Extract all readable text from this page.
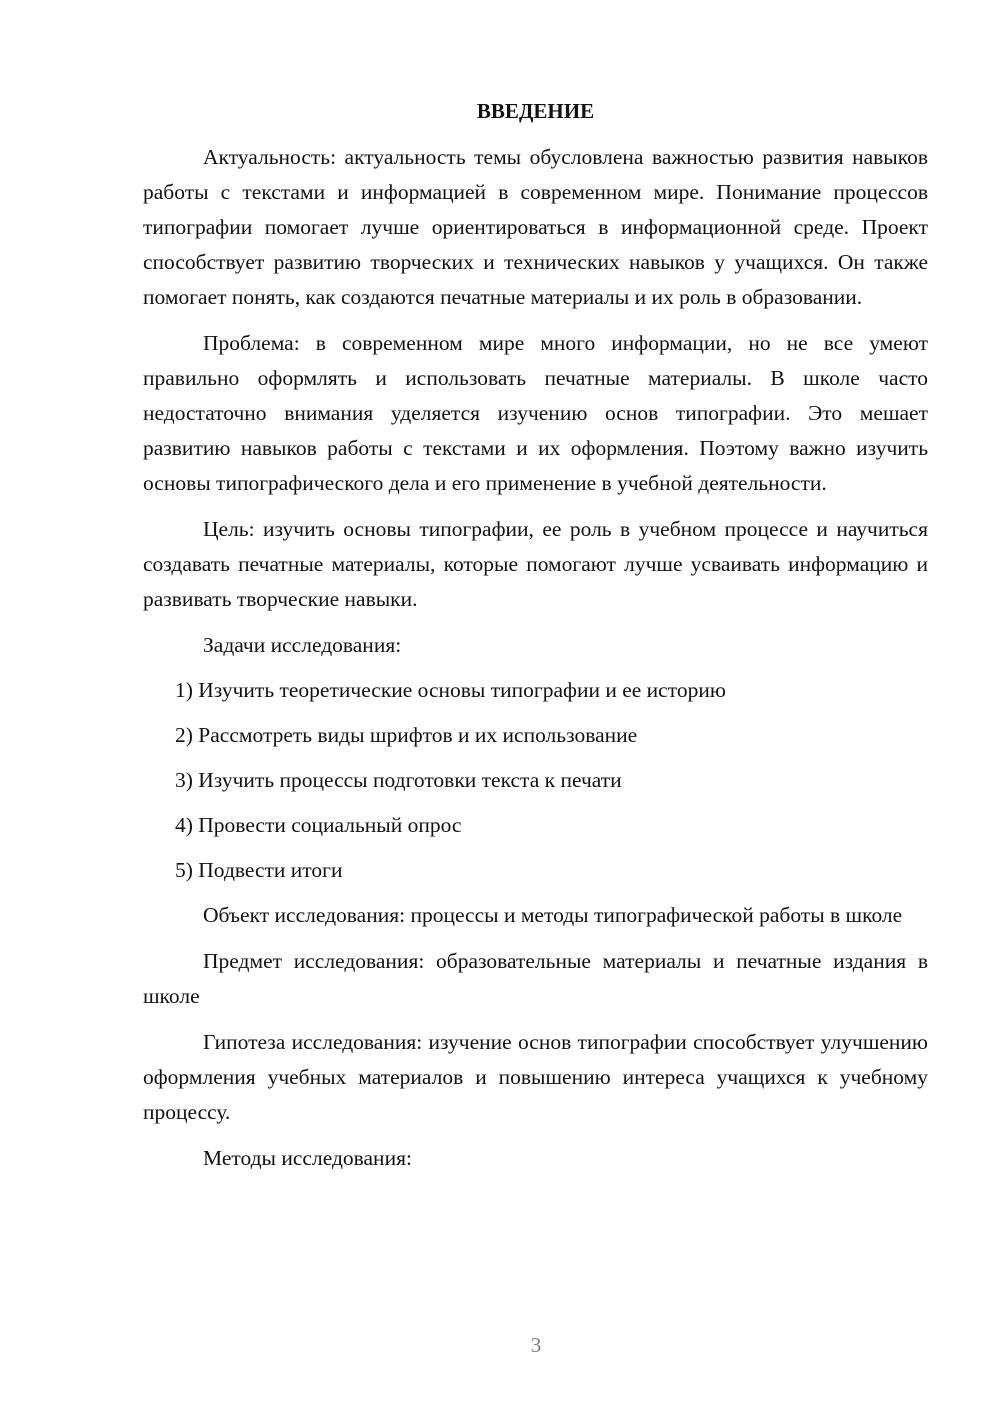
ВВЕДЕНИЕ

Актуальность: актуальность темы обусловлена важностью развития навыков работы с текстами и информацией в современном мире. Понимание процессов типографии помогает лучше ориентироваться в информационной среде. Проект способствует развитию творческих и технических навыков у учащихся. Он также помогает понять, как создаются печатные материалы и их роль в образовании.

Проблема: в современном мире много информации, но не все умеют правильно оформлять и использовать печатные материалы. В школе часто недостаточно внимания уделяется изучению основ типографии. Это мешает развитию навыков работы с текстами и их оформления. Поэтому важно изучить основы типографического дела и его применение в учебной деятельности.

Цель: изучить основы типографии, ее роль в учебном процессе и научиться создавать печатные материалы, которые помогают лучше усваивать информацию и развивать творческие навыки.

Задачи исследования:

1) Изучить теоретические основы типографии и ее историю
2) Рассмотреть виды шрифтов и их использование
3) Изучить процессы подготовки текста к печати
4) Провести социальный опрос
5) Подвести итоги

Объект исследования: процессы и методы типографической работы в школе

Предмет исследования: образовательные материалы и печатные издания в школе

Гипотеза исследования: изучение основ типографии способствует улучшению оформления учебных материалов и повышению интереса учащихся к учебному процессу.

Методы исследования:

3
